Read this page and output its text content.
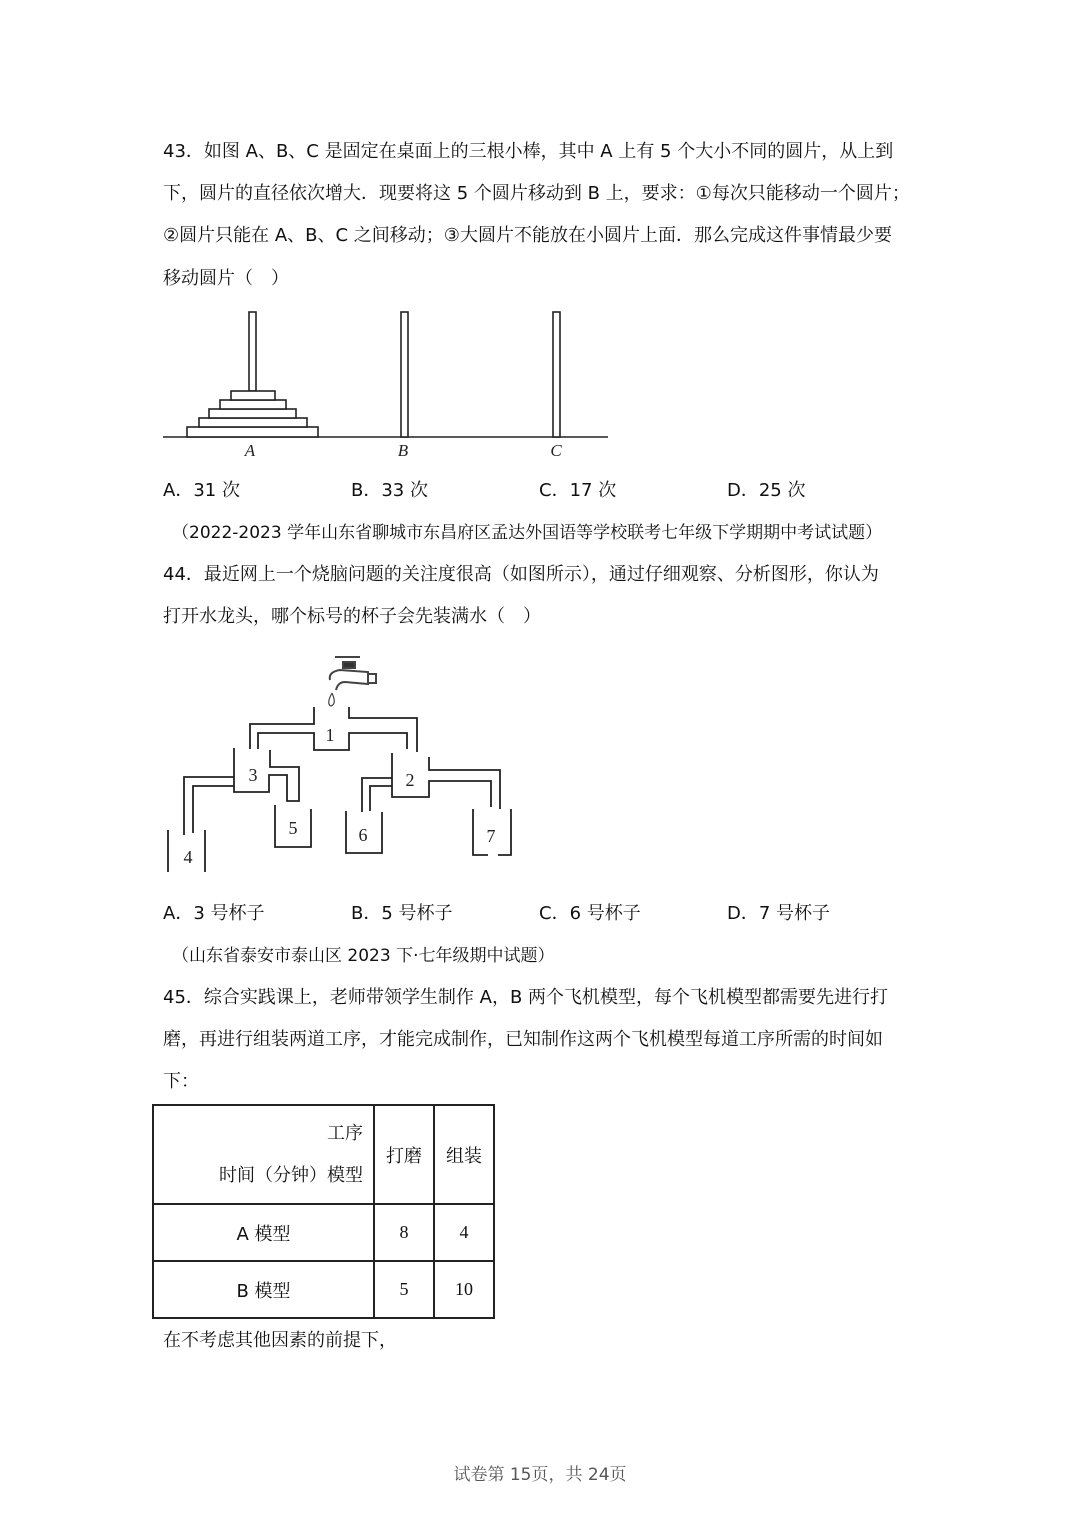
43．如图 A、B、C 是固定在桌面上的三根小棒，其中 A 上有 5 个大小不同的圆片，从上到
下，圆片的直径依次增大．现要将这 5 个圆片移动到 B 上，要求：①每次只能移动一个圆片；
②圆片只能在 A、B、C 之间移动；③大圆片不能放在小圆片上面．那么完成这件事情最少要
移动圆片（　）
A	B	C
1
2
3
4
5	6	7
A．31 次	B．33 次	C．17 次	D．25 次
（2022-2023 学年山东省聊城市东昌府区孟达外国语等学校联考七年级下学期期中考试试题）
44．最近网上一个烧脑问题的关注度很高（如图所示），通过仔细观察、分析图形，你认为
打开水龙头，哪个标号的杯子会先装满水（　）
A．3 号杯子	B．5 号杯子	C．6 号杯子	D．7 号杯子
（山东省泰安市泰山区 2023 下·七年级期中试题）
45．综合实践课上，老师带领学生制作 A，B 两个飞机模型，每个飞机模型都需要先进行打
磨，再进行组装两道工序，才能完成制作，已知制作这两个飞机模型每道工序所需的时间如
下：
工序
时间（分钟）模型	打磨	组装
A 模型	8	4
B 模型	5	10
在不考虑其他因素的前提下，
试卷第 15页，共 24页
